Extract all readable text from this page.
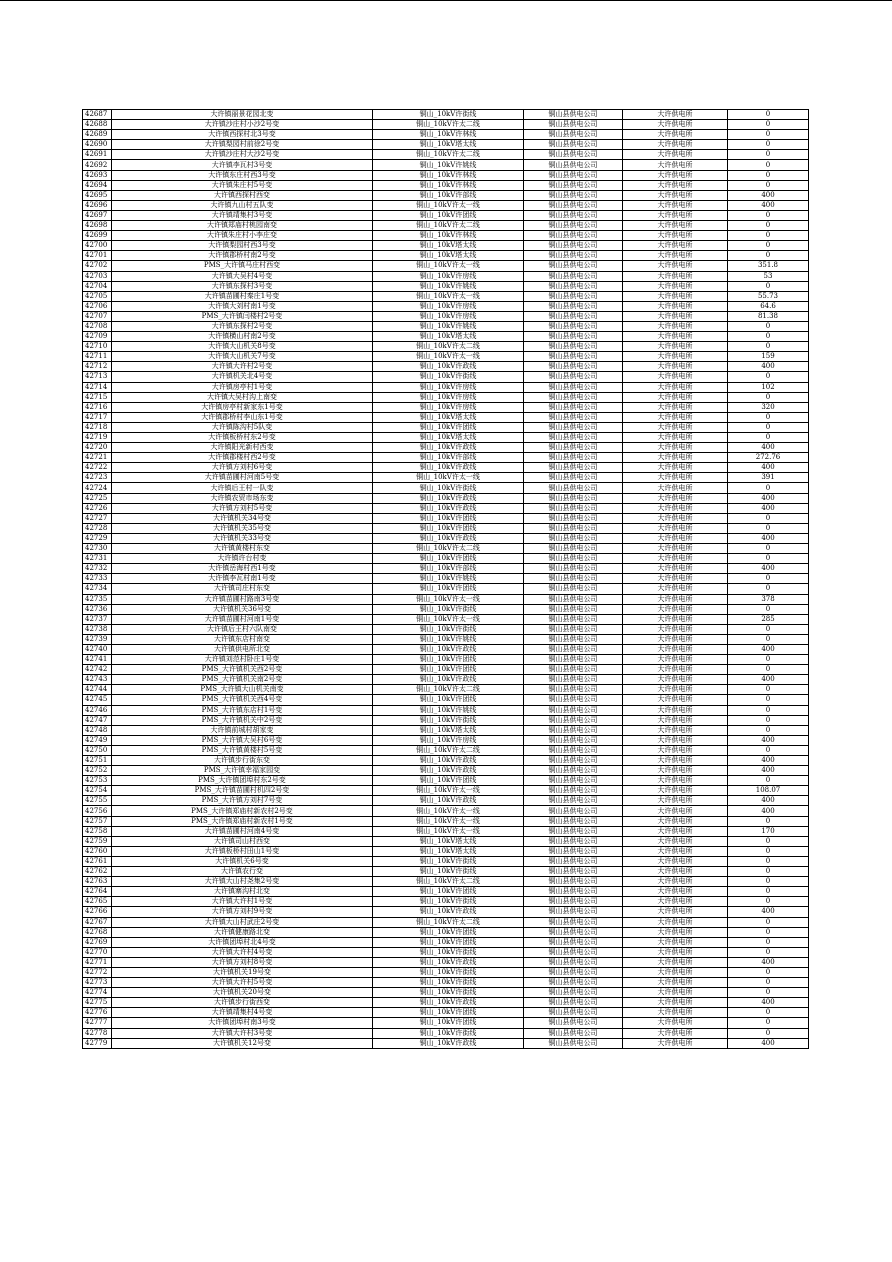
42687	大许镇丽景花园北变	铜山_10kV许街线	铜山县供电公司	大许供电所	0
42688	大许镇沙庄村小沙2号变	铜山_10kV许太二线	铜山县供电公司	大许供电所	0
42689	大许镇西探村北3号变	铜山_10kV许林线	铜山县供电公司	大许供电所	0
42690	大许镇梨园村前徐2号变	铜山_10kV塔太线	铜山县供电公司	大许供电所	0
42691	大许镇沙庄村大沙2号变	铜山_10kV许太二线	铜山县供电公司	大许供电所	0
42692	大许镇李瓦村3号变	铜山_10kV许姚线	铜山县供电公司	大许供电所	0
42693	大许镇东庄村西3号变	铜山_10kV许林线	铜山县供电公司	大许供电所	0
42694	大许镇朱庄村5号变	铜山_10kV许林线	铜山县供电公司	大许供电所	0
42695	大许镇西探村西变	铜山_10kV许部线	铜山县供电公司	大许供电所	400
42696	大许镇九山村五队变	铜山_10kV许太一线	铜山县供电公司	大许供电所	400
42697	大许镇靖集村3号变	铜山_10kV许团线	铜山县供电公司	大许供电所	0
42698	大许镇郑庙村桃园南变	铜山_10kV许太二线	铜山县供电公司	大许供电所	0
42699	大许镇朱庄村小李庄变	铜山_10kV许林线	铜山县供电公司	大许供电所	0
42700	大许镇梨园村西3号变	铜山_10kV塔太线	铜山县供电公司	大许供电所	0
42701	大许镇郡桥村南2号变	铜山_10kV塔太线	铜山县供电公司	大许供电所	0
42702	PMS_大许镇马庄村西变	铜山_10kV许太一线	铜山县供电公司	大许供电所	351.8
42703	大许镇大吴村4号变	铜山_10kV许房线	铜山县供电公司	大许供电所	53
42704	大许镇东探村3号变	铜山_10kV许姚线	铜山县供电公司	大许供电所	0
42705	大许镇苗圃村秦庄1号变	铜山_10kV许太一线	铜山县供电公司	大许供电所	55.73
42706	大许镇大刘村南1号变	铜山_10kV许房线	铜山县供电公司	大许供电所	64.6
42707	PMS_大许镇闫楼村2号变	铜山_10kV许房线	铜山县供电公司	大许供电所	81.38
42708	大许镇东探村2号变	铜山_10kV许姚线	铜山县供电公司	大许供电所	0
42709	大许镇横山村南2号变	铜山_10kV塔太线	铜山县供电公司	大许供电所	0
42710	大许镇大山机关8号变	铜山_10kV许太二线	铜山县供电公司	大许供电所	0
42711	大许镇大山机关7号变	铜山_10kV许太一线	铜山县供电公司	大许供电所	159
42712	大许镇大许村2号变	铜山_10kV许政线	铜山县供电公司	大许供电所	400
42713	大许镇机关北4号变	铜山_10kV许街线	铜山县供电公司	大许供电所	0
42714	大许镇房亭村1号变	铜山_10kV许房线	铜山县供电公司	大许供电所	102
42715	大许镇大吴村沟上南变	铜山_10kV许房线	铜山县供电公司	大许供电所	0
42716	大许镇房亭村新家东1号变	铜山_10kV许房线	铜山县供电公司	大许供电所	320
42717	大许镇郡桥村李山东1号变	铜山_10kV塔太线	铜山县供电公司	大许供电所	0
42718	大许镇陈沟村5队变	铜山_10kV许团线	铜山县供电公司	大许供电所	0
42719	大许镇板桥村东2号变	铜山_10kV塔太线	铜山县供电公司	大许供电所	0
42720	大许镇阳光新村西变	铜山_10kV许政线	铜山县供电公司	大许供电所	400
42721	大许镇郡楼村西2号变	铜山_10kV许部线	铜山县供电公司	大许供电所	272.76
42722	大许镇方刘村6号变	铜山_10kV许政线	铜山县供电公司	大许供电所	400
42723	大许镇苗圃村河南5号变	铜山_10kV许太一线	铜山县供电公司	大许供电所	391
42724	大许镇后王村一队变	铜山_10kV许街线	铜山县供电公司	大许供电所	0
42725	大许镇农贸市场东变	铜山_10kV许政线	铜山县供电公司	大许供电所	400
42726	大许镇方刘村5号变	铜山_10kV许政线	铜山县供电公司	大许供电所	400
42727	大许镇机关34号变	铜山_10kV许团线	铜山县供电公司	大许供电所	0
42728	大许镇机关35号变	铜山_10kV许团线	铜山县供电公司	大许供电所	0
42729	大许镇机关33号变	铜山_10kV许政线	铜山县供电公司	大许供电所	400
42730	大许镇黄楼村东变	铜山_10kV许太二线	铜山县供电公司	大许供电所	0
42731	大许镇许台村变	铜山_10kV许团线	铜山县供电公司	大许供电所	0
42732	大许镇岳海村西1号变	铜山_10kV许部线	铜山县供电公司	大许供电所	400
42733	大许镇李瓦村南1号变	铜山_10kV许姚线	铜山县供电公司	大许供电所	0
42734	大许镇司庄村东变	铜山_10kV许团线	铜山县供电公司	大许供电所	0
42735	大许镇苗圃村路南3号变	铜山_10kV许太一线	铜山县供电公司	大许供电所	378
42736	大许镇机关36号变	铜山_10kV许街线	铜山县供电公司	大许供电所	0
42737	大许镇苗圃村河南1号变	铜山_10kV许太一线	铜山县供电公司	大许供电所	285
42738	大许镇后王村六队南变	铜山_10kV许街线	铜山县供电公司	大许供电所	0
42739	大许镇东店村南变	铜山_10kV许姚线	铜山县供电公司	大许供电所	0
42740	大许镇供电所北变	铜山_10kV许政线	铜山县供电公司	大许供电所	400
42741	大许镇刘范村卧庄1号变	铜山_10kV许团线	铜山县供电公司	大许供电所	0
42742	PMS_大许镇机关西2号变	铜山_10kV许团线	铜山县供电公司	大许供电所	0
42743	PMS_大许镇机关南2号变	铜山_10kV许政线	铜山县供电公司	大许供电所	400
42744	PMS_大许镇大山机关南变	铜山_10kV许太二线	铜山县供电公司	大许供电所	0
42745	PMS_大许镇机关西4号变	铜山_10kV许团线	铜山县供电公司	大许供电所	0
42746	PMS_大许镇东店村1号变	铜山_10kV许姚线	铜山县供电公司	大许供电所	0
42747	PMS_大许镇机关中2号变	铜山_10kV许街线	铜山县供电公司	大许供电所	0
42748	大许镇前城村胡家变	铜山_10kV塔太线	铜山县供电公司	大许供电所	0
42749	PMS_大许镇大吴村6号变	铜山_10kV许房线	铜山县供电公司	大许供电所	400
42750	PMS_大许镇黄楼村5号变	铜山_10kV许太二线	铜山县供电公司	大许供电所	0
42751	大许镇步行街东变	铜山_10kV许政线	铜山县供电公司	大许供电所	400
42752	PMS_大许镇幸福家园变	铜山_10kV许政线	铜山县供电公司	大许供电所	400
42753	PMS_大许镇团埠村东2号变	铜山_10kV许团线	铜山县供电公司	大许供电所	0
42754	PMS_大许镇苗圃村机四2号变	铜山_10kV许太一线	铜山县供电公司	大许供电所	108.07
42755	PMS_大许镇方刘村7号变	铜山_10kV许政线	铜山县供电公司	大许供电所	400
42756	PMS_大许镇郑庙村新农村2号变	铜山_10kV许太一线	铜山县供电公司	大许供电所	400
42757	PMS_大许镇郑庙村新农村1号变	铜山_10kV许太一线	铜山县供电公司	大许供电所	0
42758	大许镇苗圃村河南4号变	铜山_10kV许太一线	铜山县供电公司	大许供电所	170
42759	大许镇司山村西变	铜山_10kV塔太线	铜山县供电公司	大许供电所	0
42760	大许镇板桥村田山1号变	铜山_10kV塔太线	铜山县供电公司	大许供电所	0
42761	大许镇机关6号变	铜山_10kV许街线	铜山县供电公司	大许供电所	0
42762	大许镇农行变	铜山_10kV许街线	铜山县供电公司	大许供电所	0
42763	大许镇大山村尧集2号变	铜山_10kV许太二线	铜山县供电公司	大许供电所	0
42764	大许镇寨沟村北变	铜山_10kV许团线	铜山县供电公司	大许供电所	0
42765	大许镇大许村1号变	铜山_10kV许街线	铜山县供电公司	大许供电所	0
42766	大许镇方刘村9号变	铜山_10kV许政线	铜山县供电公司	大许供电所	400
42767	大许镇大山村武庄2号变	铜山_10kV许太二线	铜山县供电公司	大许供电所	0
42768	大许镇健康路北变	铜山_10kV许团线	铜山县供电公司	大许供电所	0
42769	大许镇团埠村北4号变	铜山_10kV许团线	铜山县供电公司	大许供电所	0
42770	大许镇大许村4号变	铜山_10kV许街线	铜山县供电公司	大许供电所	0
42771	大许镇方刘村8号变	铜山_10kV许政线	铜山县供电公司	大许供电所	400
42772	大许镇机关19号变	铜山_10kV许街线	铜山县供电公司	大许供电所	0
42773	大许镇大许村5号变	铜山_10kV许街线	铜山县供电公司	大许供电所	0
42774	大许镇机关20号变	铜山_10kV许街线	铜山县供电公司	大许供电所	0
42775	大许镇步行街西变	铜山_10kV许政线	铜山县供电公司	大许供电所	400
42776	大许镇靖集村4号变	铜山_10kV许团线	铜山县供电公司	大许供电所	0
42777	大许镇团埠村南3号变	铜山_10kV许团线	铜山县供电公司	大许供电所	0
42778	大许镇大许村3号变	铜山_10kV许街线	铜山县供电公司	大许供电所	0
42779	大许镇机关12号变	铜山_10kV许政线	铜山县供电公司	大许供电所	400
